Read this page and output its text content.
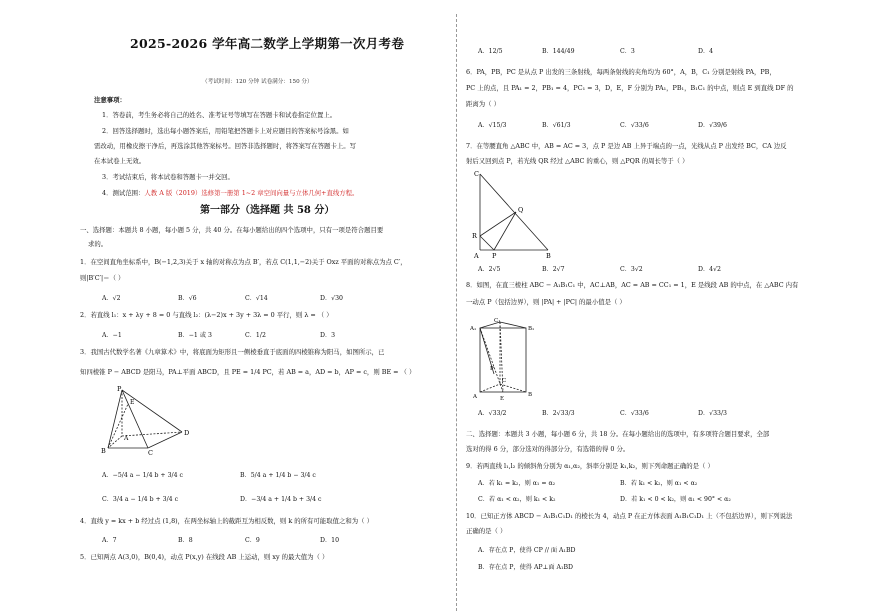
2025-2026 学年高二数学上学期第一次月考卷
（考试时间：120 分钟 试卷满分：150 分）
注意事项：
1．答卷前，考生务必将自己的姓名、准考证号等填写在答题卡和试卷指定位置上。
2．回答选择题时，选出每小题答案后，用铅笔把答题卡上对应题目的答案标号涂黑。如
需改动，用橡皮擦干净后，再选涂其他答案标号。回答非选择题时，将答案写在答题卡上。写
在本试卷上无效。
3．考试结束后，将本试卷和答题卡一并交回。
4．测试范围：人教 A 版（2019）选修第一册第 1~2 章空间向量与立体几何+直线方程。
第一部分（选择题 共 58 分）
一、选择题：本题共 8 小题，每小题 5 分，共 40 分。在每小题给出的四个选项中，只有一项是符合题目要
求的。
1．在空间直角坐标系中，B(−1,2,3)关于 x 轴的对称点为点 B′，若点 C(1,1,−2)关于 Oxz 平面的对称点为点 C′，
则|B′C′|＝（ ）
A．√2	B．√6	C．√14	D．√30
2．若直线 l₁：x + λy + 8 = 0 与直线 l₂：(λ−2)x + 3y + 3λ = 0 平行，则 λ = （ ）
A．−1	B．−1 或 3	C．1/2	D．3
3．我国古代数学名著《九章算术》中，将底面为矩形且一侧棱垂直于底面的四棱锥称为阳马，如图所示，已
知四棱锥 P − ABCD 是阳马，PA⊥平面 ABCD，且 PE = 1/4 PC，若 AB = a，AD = b，AP = c，则 BE = （ ）
P
E
A
B	C
D
A．−5/4 a − 1/4 b + 3/4 c	B．5/4 a + 1/4 b − 3/4 c
C．3/4 a − 1/4 b + 3/4 c	D．−3/4 a + 1/4 b + 3/4 c
4．直线 y = kx + b 经过点 (1,8)，在两坐标轴上的截距互为相反数，则 k 的所有可能取值之和为（ ）
A．7	B．8	C．9	D．10
5．已知两点 A(3,0)，B(0,4)，动点 P(x,y) 在线段 AB 上运动，则 xy 的最大值为（ ）
A．12/5	B．144/49	C．3	D．4
6．PA，PB，PC 是从点 P 出发的三条射线，每两条射线的夹角均为 60°，A，B，C₁ 分别是射线 PA，PB，
PC 上的点，且 PA₁ = 2，PB₁ = 4，PC₁ = 3，D，E，F 分别为 PA₁，PB₁，B₁C₁ 的中点，则点 E 到直线 DF 的
距离为（ ）
A．√15/3	B．√61/3	C．√33/6	D．√39/6
7．在等腰直角 △ABC 中，AB = AC = 3，点 P 是边 AB 上异于端点的一点，光线从点 P 出发经 BC，CA 边反
射后又回到点 P，若光线 QR 经过 △ABC 的重心，则 △PQR 的周长等于（ ）
C
Q
R
A P	B
A．2√5	B．2√7	C．3√2	D．4√2
8．如图，在直三棱柱 ABC − A₁B₁C₁ 中，AC⊥AB，AC = AB = CC₁ = 1，E 是线段 AB 的中点，在 △ABC 内有
一动点 P（包括边界），则 |PA| + |PC| 的最小值是（ ）
C₁
B₁
A₁
C
B
A	E
P
A．√33/2	B．2√33/3	C．√33/6	D．√33/3
二、选择题：本题共 3 小题，每小题 6 分，共 18 分。在每小题给出的选项中，有多项符合题目要求，全部
选对的得 6 分，部分选对的得部分分，有选错的得 0 分。
9．若两直线 l₁,l₂ 的倾斜角分别为 α₁,α₂，斜率分别是 k₁,k₂，则下列命题正确的是（ ）
A．若 k₁ = k₂，则 α₁ = α₂	B．若 k₁ < k₂，则 α₁ < α₂
C．若 α₁ < α₂，则 k₁ < k₂	D．若 k₁ < 0 < k₂，则 α₁ < 90° < α₂
10．已知正方体 ABCD − A₁B₁C₁D₁ 的棱长为 4，动点 P 在正方体表面 A₁B₁C₁D₁ 上（不包括边界），则下列说法
正确的是（ ）
A．存在点 P，使得 CP // 面 A₁BD
B．存在点 P，使得 AP⊥面 A₁BD
